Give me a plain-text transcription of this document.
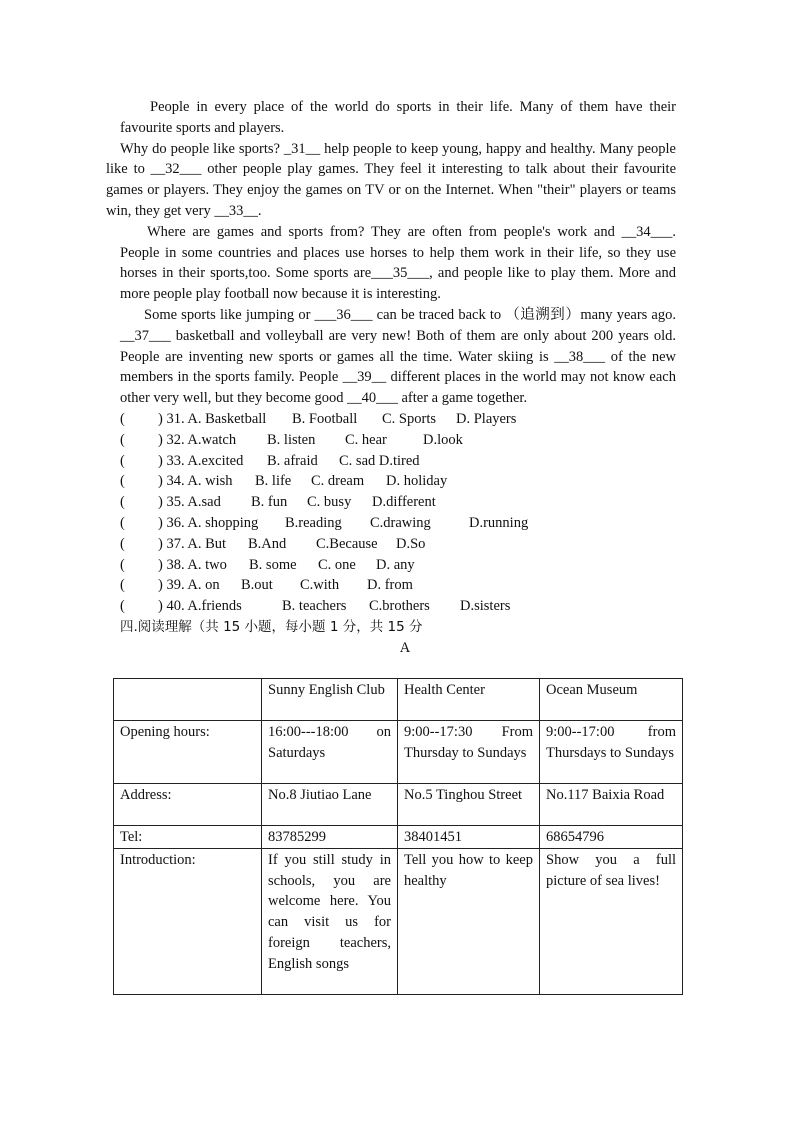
People in every place of the world do sports in their life. Many of them have their favourite sports and players.

Why do people like sports? _31__ help people to keep young, happy and healthy. Many people like to __32___ other people play games. They feel it interesting to talk about their favourite games or players. They enjoy the games on TV or on the Internet. When "their" players or teams win, they get very __33__.

Where are games and sports from? They are often from people's work and __34___. People in some countries and places use horses to help them work in their life, so they use horses in their sports,too. Some sports are___35___, and people like to play them. More and more people play football now because it is interesting.

Some sports like jumping or ___36___ can be traced back to （追溯到）many years ago. __37___ basketball and volleyball are very new! Both of them are only about 200 years old. People are inventing new sports or games all the time. Water skiing is __38___ of the new members in the sports family. People __39__ different places in the world may not know each other very well, but they become good __40___ after a game together.

( ) 31. A. Basketball B. Football C. Sports D. Players
( ) 32. A.watch B. listen C. hear D.look
( ) 33. A.excited B. afraid C. sad D.tired
( ) 34. A. wish B. life C. dream D. holiday
( ) 35. A.sad B. fun C. busy D.different
( ) 36. A. shopping B.reading C.drawing	D.running
( ) 37. A. But B.And C.Because D.So
( ) 38. A. two B. some C. one D. any
( ) 39. A. on B.out C.with D. from
( ) 40. A.friends	B. teachers C.brothers D.sisters
四.阅读理解（共 15 小题，每小题 1 分，共 15 分
A
	Sunny English Club	Health Center	Ocean Museum
Opening hours:	16:00---18:00 on Saturdays	9:00--17:30 From Thursday to Sundays	9:00--17:00 from Thursdays to Sundays
Address:	No.8 Jiutiao Lane	No.5 Tinghou Street	No.117 Baixia Road
Tel:	83785299	38401451	68654796
Introduction:	If you still study in schools, you are welcome here. You can visit us for foreign teachers, English songs	Tell you how to keep healthy	Show you a full picture of sea lives!
